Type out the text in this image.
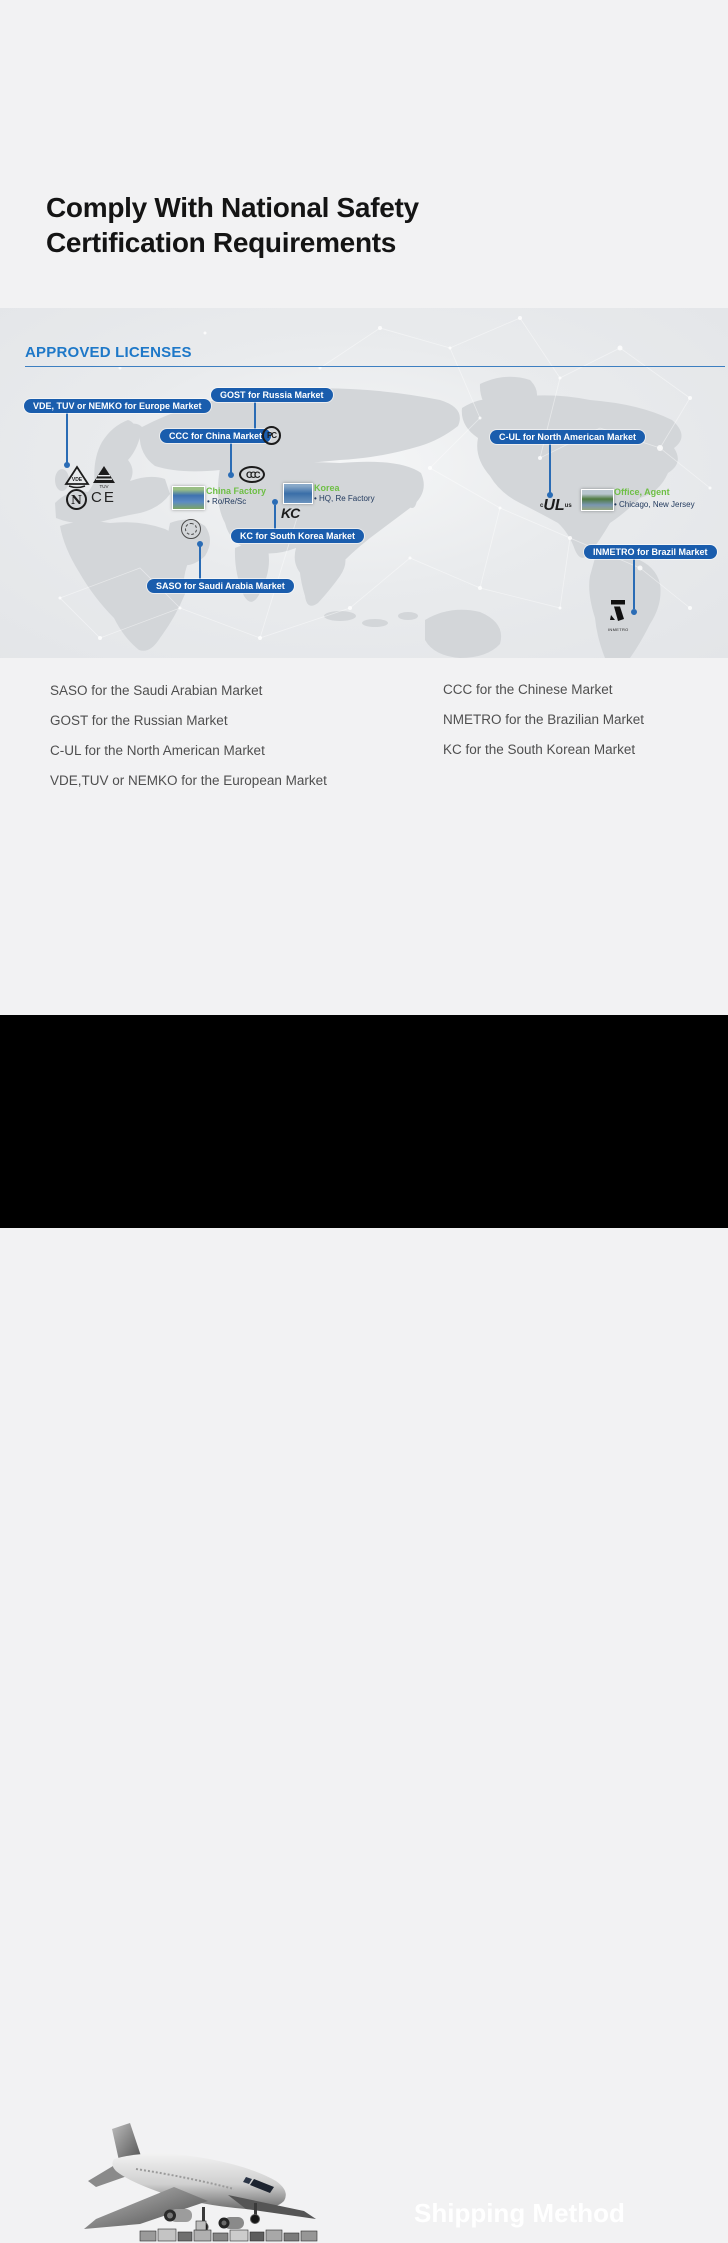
Comply With National Safety
Certification Requirements
APPROVED LICENSES
VDE, TUV or NEMKO for Europe Market
GOST for Russia Market
CCC for China Market	C-UL for North American Market
KC for South Korea Market
SASO for Saudi Arabia Market
INMETRO for Brazil Market
VDE
TUV
N CE
PC
CCC
KC	cULus
INMETRO
China Factory
• Ro/Re/Sc
Korea
• HQ, Re Factory
Office, Agent
• Chicago, New Jersey
SASO for the Saudi Arabian Market
GOST for the Russian Market
C-UL for the North American Market
VDE,TUV or NEMKO for the European Market
CCC for the Chinese Market
NMETRO for the Brazilian Market
KC for the South Korean Market
Shipping Method
